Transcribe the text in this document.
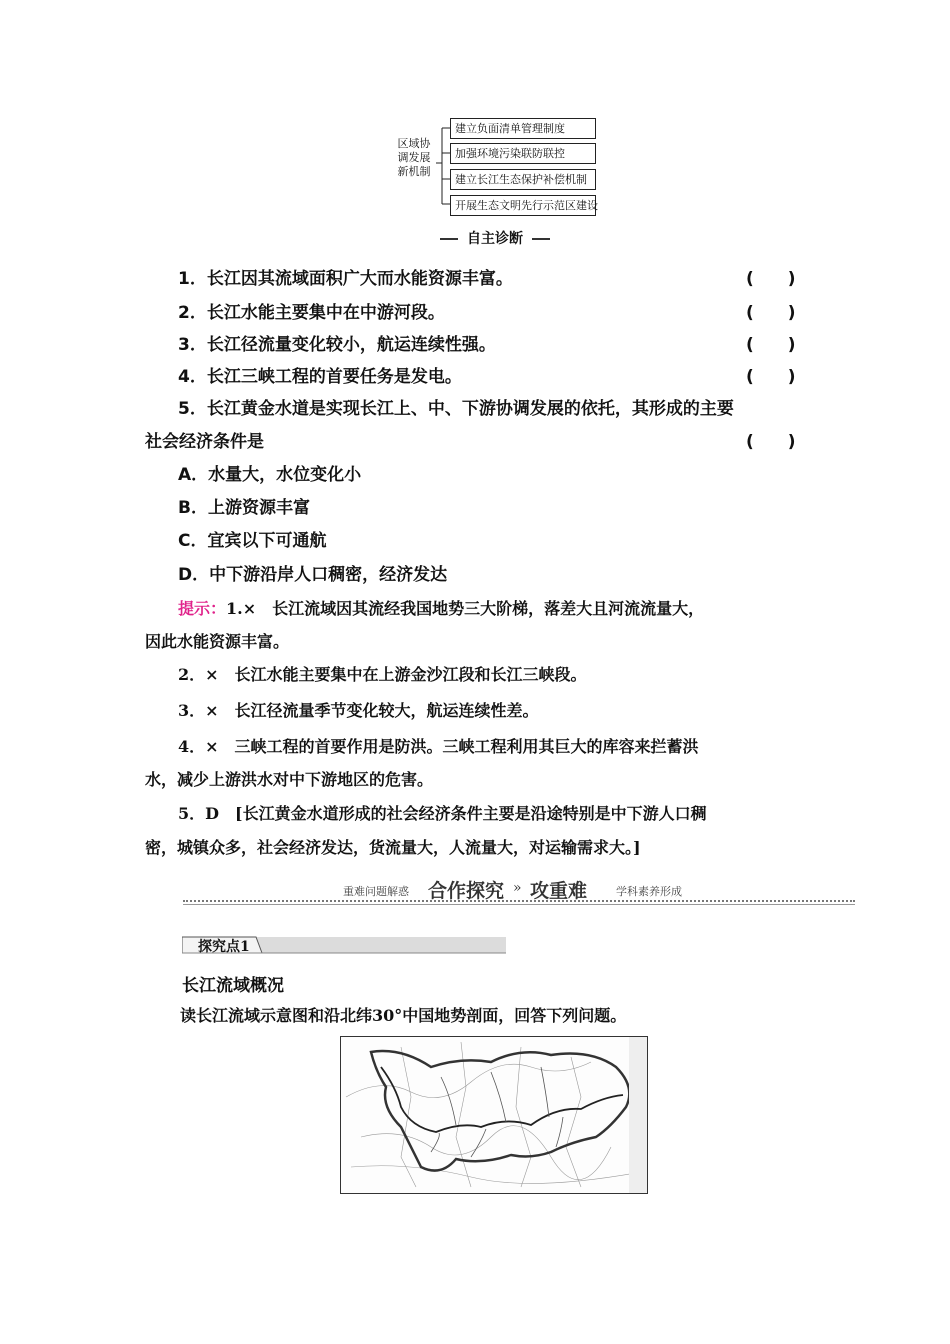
区域协
调发展
新机制
建立负面清单管理制度
加强环境污染联防联控
建立长江生态保护补偿机制
开展生态文明先行示范区建设
自主诊断
1．长江因其流域面积广大而水能资源丰富。	(　　)
2．长江水能主要集中在中游河段。	(　　)
3．长江径流量变化较小，航运连续性强。	(　　)
4．长江三峡工程的首要任务是发电。	(　　)
5．长江黄金水道是实现长江上、中、下游协调发展的依托，其形成的主要
社会经济条件是	(　　)
A．水量大，水位变化小
B．上游资源丰富
C．宜宾以下可通航
D．中下游沿岸人口稠密，经济发达
提示：1.×　长江流域因其流经我国地势三大阶梯，落差大且河流流量大，
因此水能资源丰富。
2．×　长江水能主要集中在上游金沙江段和长江三峡段。
3．×　长江径流量季节变化较大，航运连续性差。
4．×　三峡工程的首要作用是防洪。三峡工程利用其巨大的库容来拦蓄洪
水，减少上游洪水对中下游地区的危害。
5．D　[长江黄金水道形成的社会经济条件主要是沿途特别是中下游人口稠
密，城镇众多，社会经济发达，货流量大，人流量大，对运输需求大。]
重难问题解惑 合作探究 » 攻重难	学科素养形成
探究点1
长江流域概况
读长江流域示意图和沿北纬30°中国地势剖面，回答下列问题。
